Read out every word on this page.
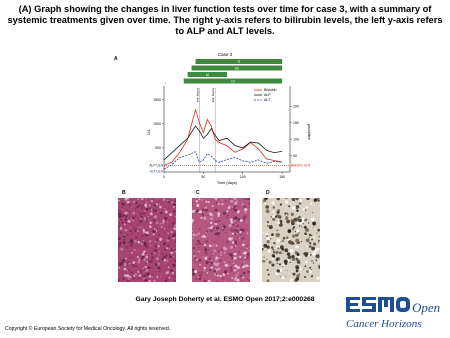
(A) Graph showing the changes in liver function tests over time for case 3, with a summary of systemic treatments given over time. The right y-axis refers to bilirubin levels, the left y-axis refers to ALP and ALT levels.
A
Case 3
Ti
Cb
M
Cf
1500
1000
500
200
150
100
50
0	50	100	150
Time (days)
U/L	µmol/litre
ALP ULN
ALT ULN
Bilirubin ULN
liver biopsy	liver biopsy
↓
Bilirubin
ALP
ALT
B	C	D
Gary Joseph Doherty et al. ESMO Open 2017;2:e000268
Copyright © European Society for Medical Oncology. All rights reserved.
Open
Cancer Horizons
